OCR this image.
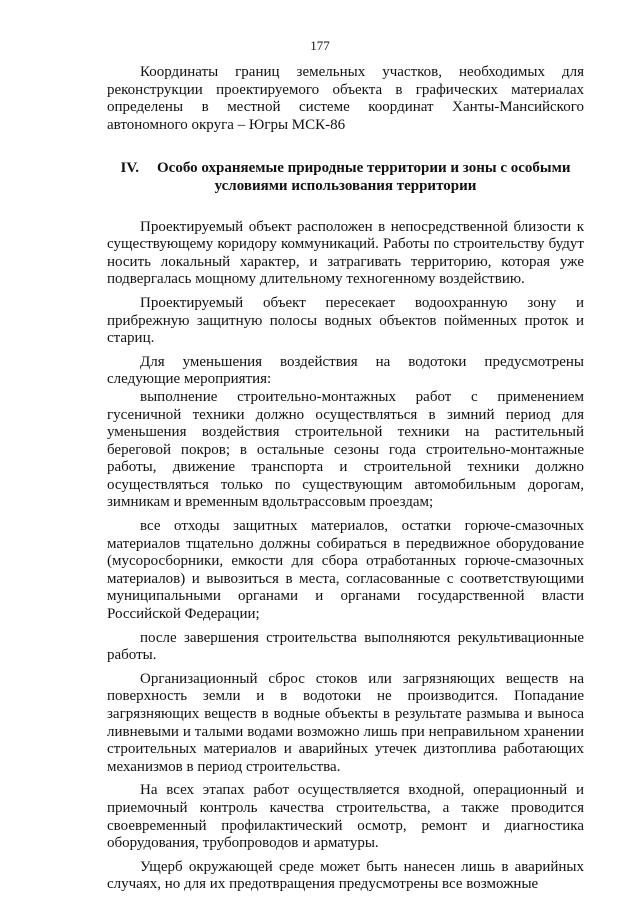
177

Координаты границ земельных участков, необходимых для реконструкции проектируемого объекта в графических материалах определены в местной системе координат Ханты-Мансийского автономного округа – Югры МСК-86

IV. Особо охраняемые природные территории и зоны с особыми условиями использования территории

Проектируемый объект расположен в непосредственной близости к существующему коридору коммуникаций. Работы по строительству будут носить локальный характер, и затрагивать территорию, которая уже подвергалась мощному длительному техногенному воздействию.

Проектируемый объект пересекает водоохранную зону и прибрежную защитную полосы водных объектов пойменных проток и стариц.

Для уменьшения воздействия на водотоки предусмотрены следующие мероприятия:

выполнение строительно-монтажных работ с применением гусеничной техники должно осуществляться в зимний период для уменьшения воздействия строительной техники на растительный береговой покров; в остальные сезоны года строительно-монтажные работы, движение транспорта и строительной техники должно осуществляться только по существующим автомобильным дорогам, зимникам и временным вдольтрассовым проездам;

все отходы защитных материалов, остатки горюче-смазочных материалов тщательно должны собираться в передвижное оборудование (мусоросборники, емкости для сбора отработанных горюче-смазочных материалов) и вывозиться в места, согласованные с соответствующими муниципальными органами и органами государственной власти Российской Федерации;

после завершения строительства выполняются рекультивационные работы.

Организационный сброс стоков или загрязняющих веществ на поверхность земли и в водотоки не производится. Попадание загрязняющих веществ в водные объекты в результате размыва и выноса ливневыми и талыми водами возможно лишь при неправильном хранении строительных материалов и аварийных утечек дизтоплива работающих механизмов в период строительства.

На всех этапах работ осуществляется входной, операционный и приемочный контроль качества строительства, а также проводится своевременный профилактический осмотр, ремонт и диагностика оборудования, трубопроводов и арматуры.

Ущерб окружающей среде может быть нанесен лишь в аварийных случаях, но для их предотвращения предусмотрены все возможные
